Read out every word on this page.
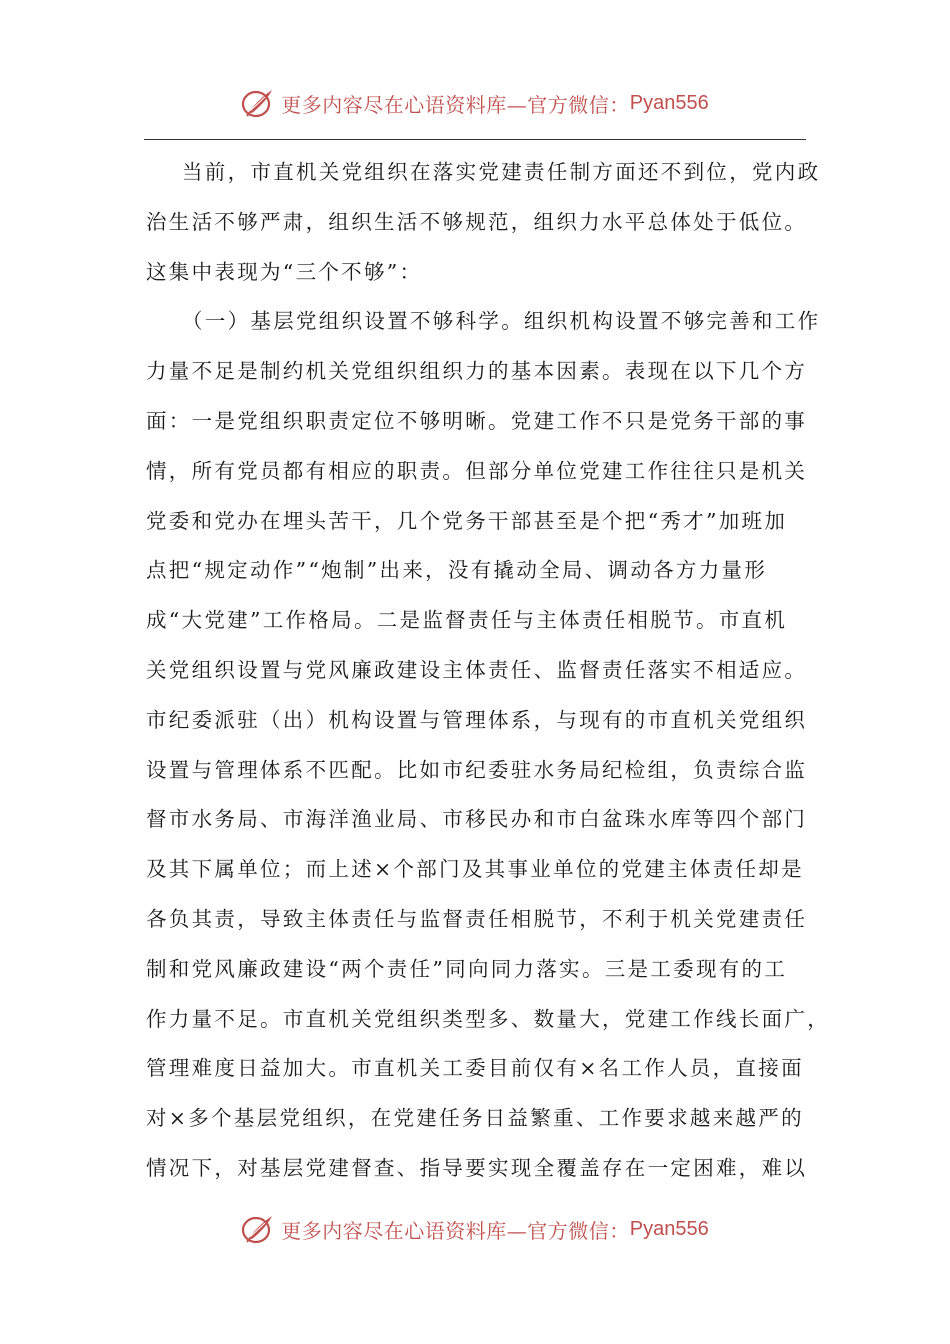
更多内容尽在心语资料库—官方微信： Pyan556
当前，市直机关党组织在落实党建责任制方面还不到位，党内政
治生活不够严肃，组织生活不够规范，组织力水平总体处于低位。
这集中表现为“三个不够”：
（一）基层党组织设置不够科学。组织机构设置不够完善和工作
力量不足是制约机关党组织组织力的基本因素。表现在以下几个方
面：一是党组织职责定位不够明晰。党建工作不只是党务干部的事
情，所有党员都有相应的职责。但部分单位党建工作往往只是机关
党委和党办在埋头苦干，几个党务干部甚至是个把“秀才”加班加
点把“规定动作”“炮制”出来，没有撬动全局、调动各方力量形
成“大党建”工作格局。二是监督责任与主体责任相脱节。市直机
关党组织设置与党风廉政建设主体责任、监督责任落实不相适应。
市纪委派驻（出）机构设置与管理体系，与现有的市直机关党组织
设置与管理体系不匹配。比如市纪委驻水务局纪检组，负责综合监
督市水务局、市海洋渔业局、市移民办和市白盆珠水库等四个部门
及其下属单位；而上述×个部门及其事业单位的党建主体责任却是
各负其责，导致主体责任与监督责任相脱节，不利于机关党建责任
制和党风廉政建设“两个责任”同向同力落实。三是工委现有的工
作力量不足。市直机关党组织类型多、数量大，党建工作线长面广，
管理难度日益加大。市直机关工委目前仅有×名工作人员，直接面
对×多个基层党组织，在党建任务日益繁重、工作要求越来越严的
情况下，对基层党建督查、指导要实现全覆盖存在一定困难，难以
更多内容尽在心语资料库—官方微信： Pyan556
